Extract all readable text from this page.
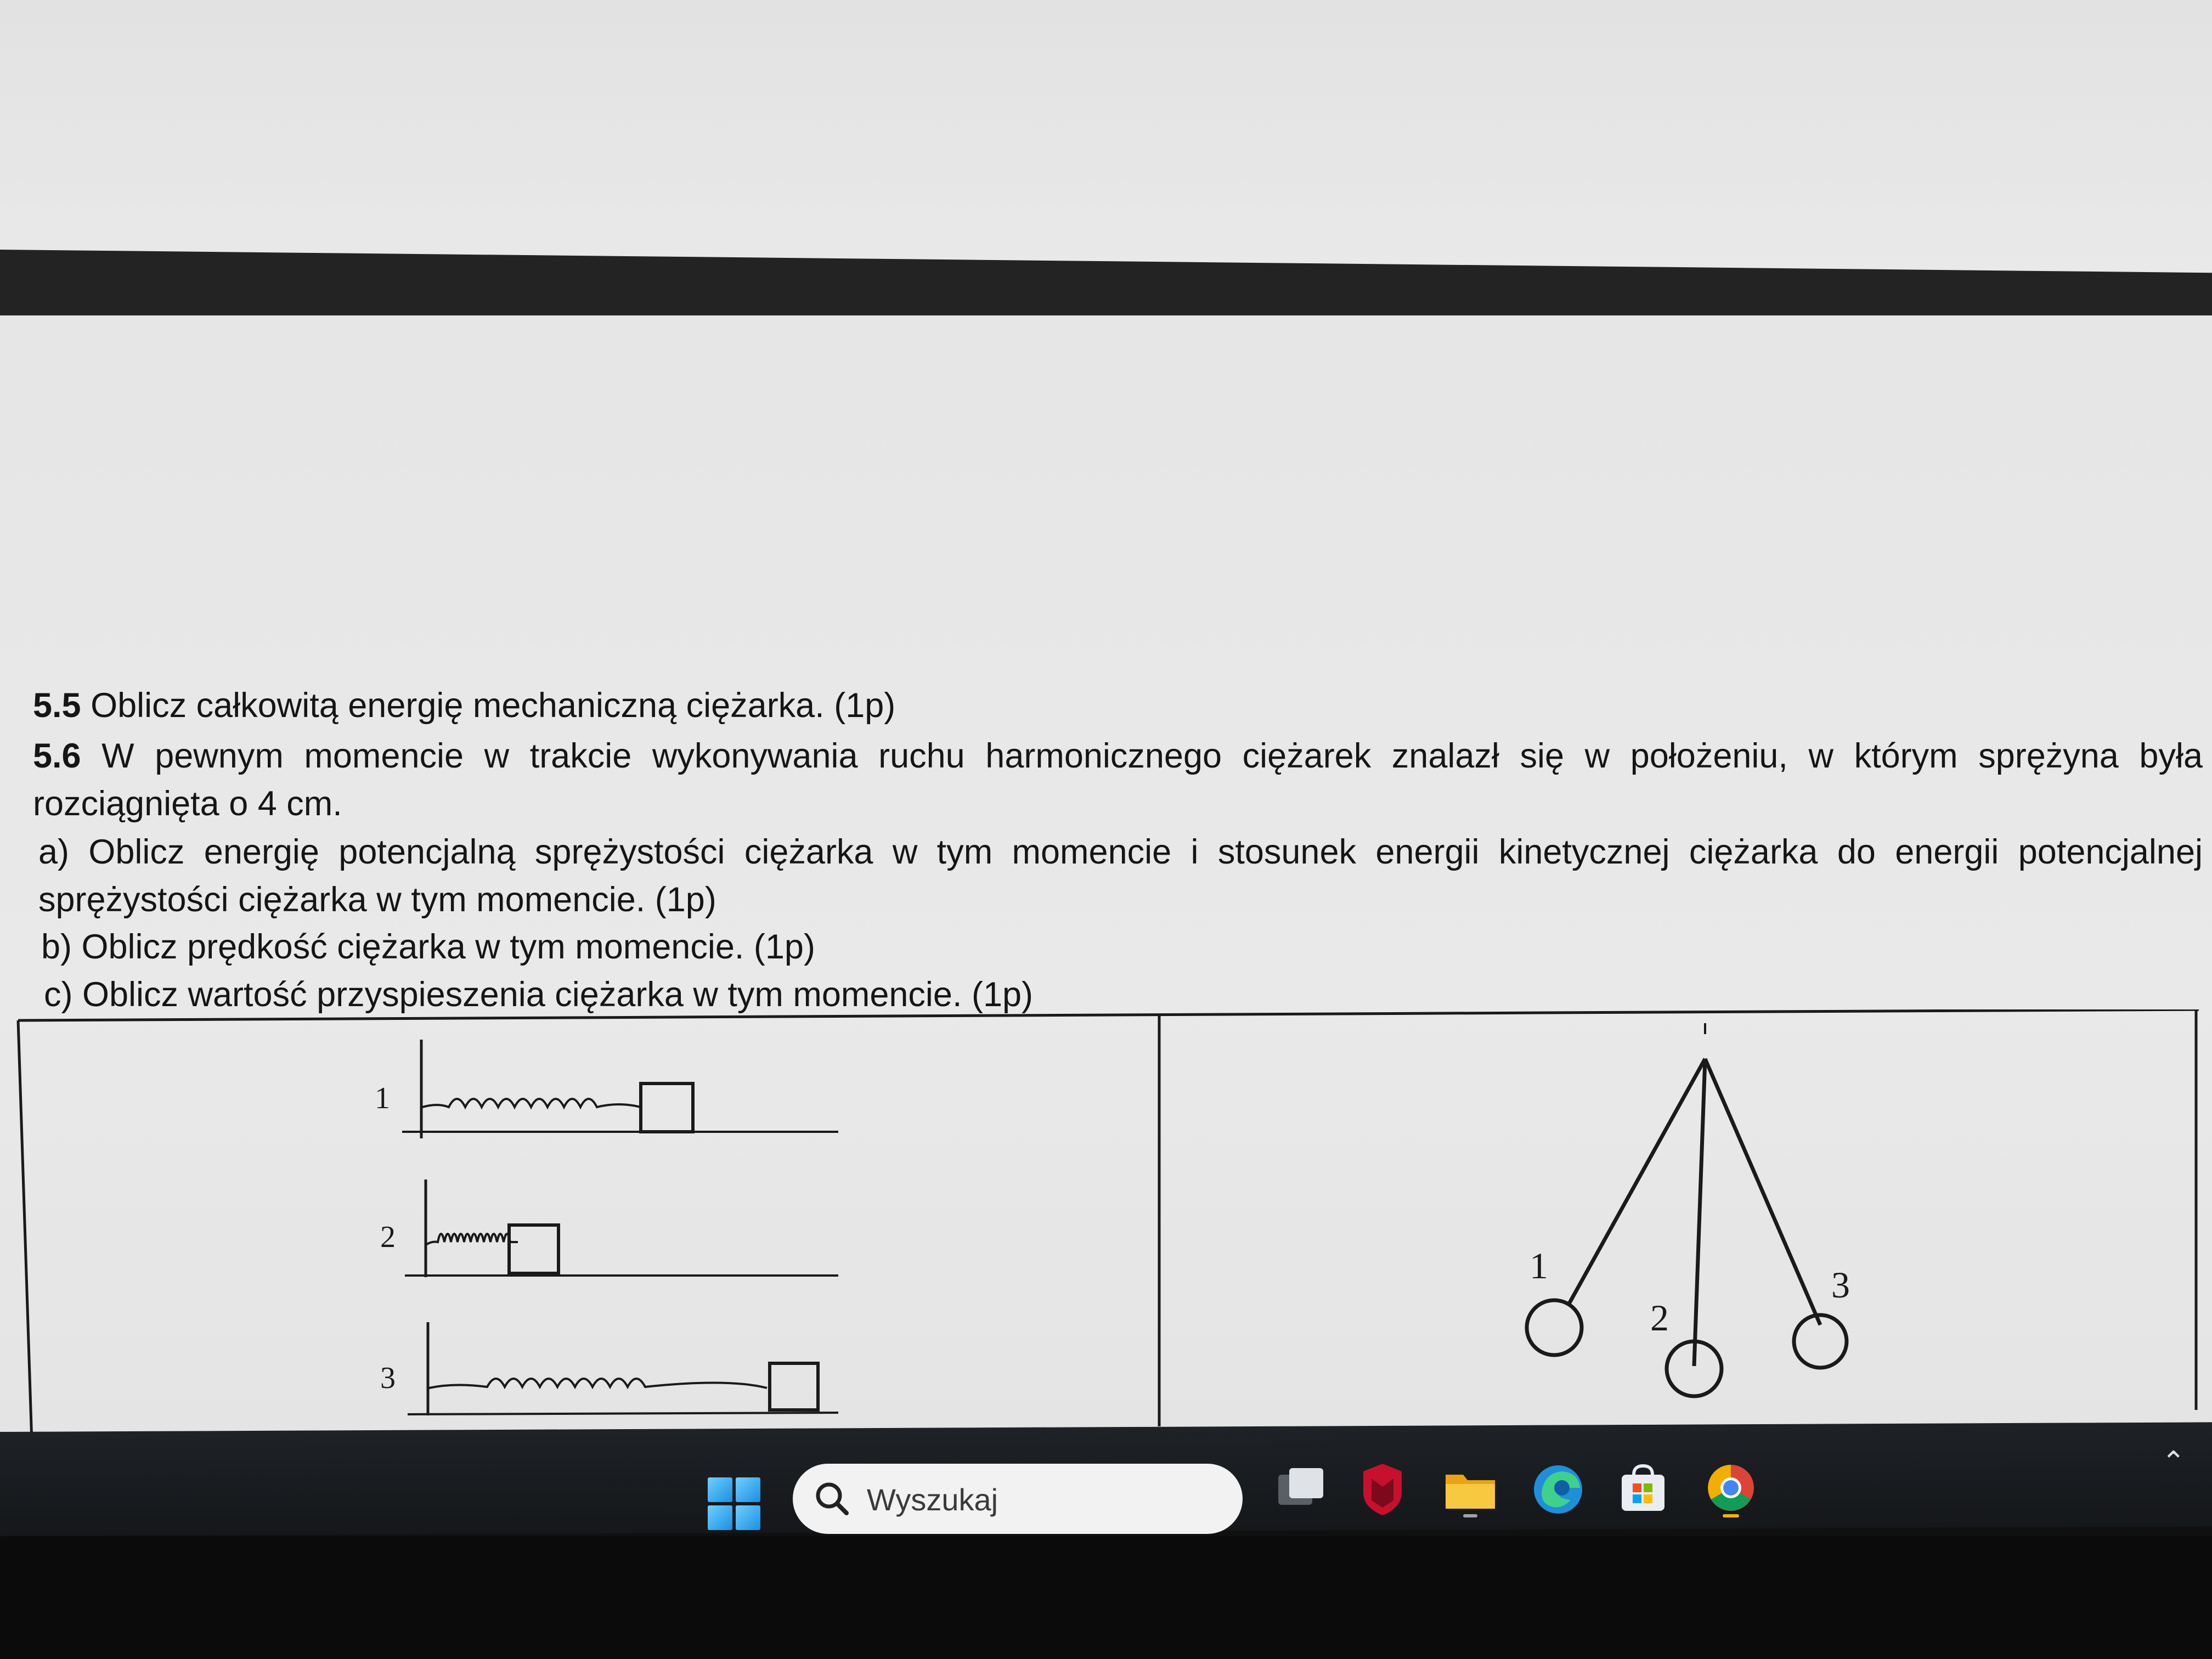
5.5 Oblicz całkowitą energię mechaniczną ciężarka. (1p)
5.6 W pewnym momencie w trakcie wykonywania ruchu harmonicznego ciężarek znalazł się w położeniu, w którym sprężyna była
rozciągnięta o 4 cm.
a) Oblicz energię potencjalną sprężystości ciężarka w tym momencie i stosunek energii kinetycznej ciężarka do energii potencjalnej
sprężystości ciężarka w tym momencie. (1p)
b) Oblicz prędkość ciężarka w tym momencie. (1p)
c) Oblicz wartość przyspieszenia ciężarka w tym momencie. (1p)
1
2
3
1
2
3
Wyszukaj
⌃
